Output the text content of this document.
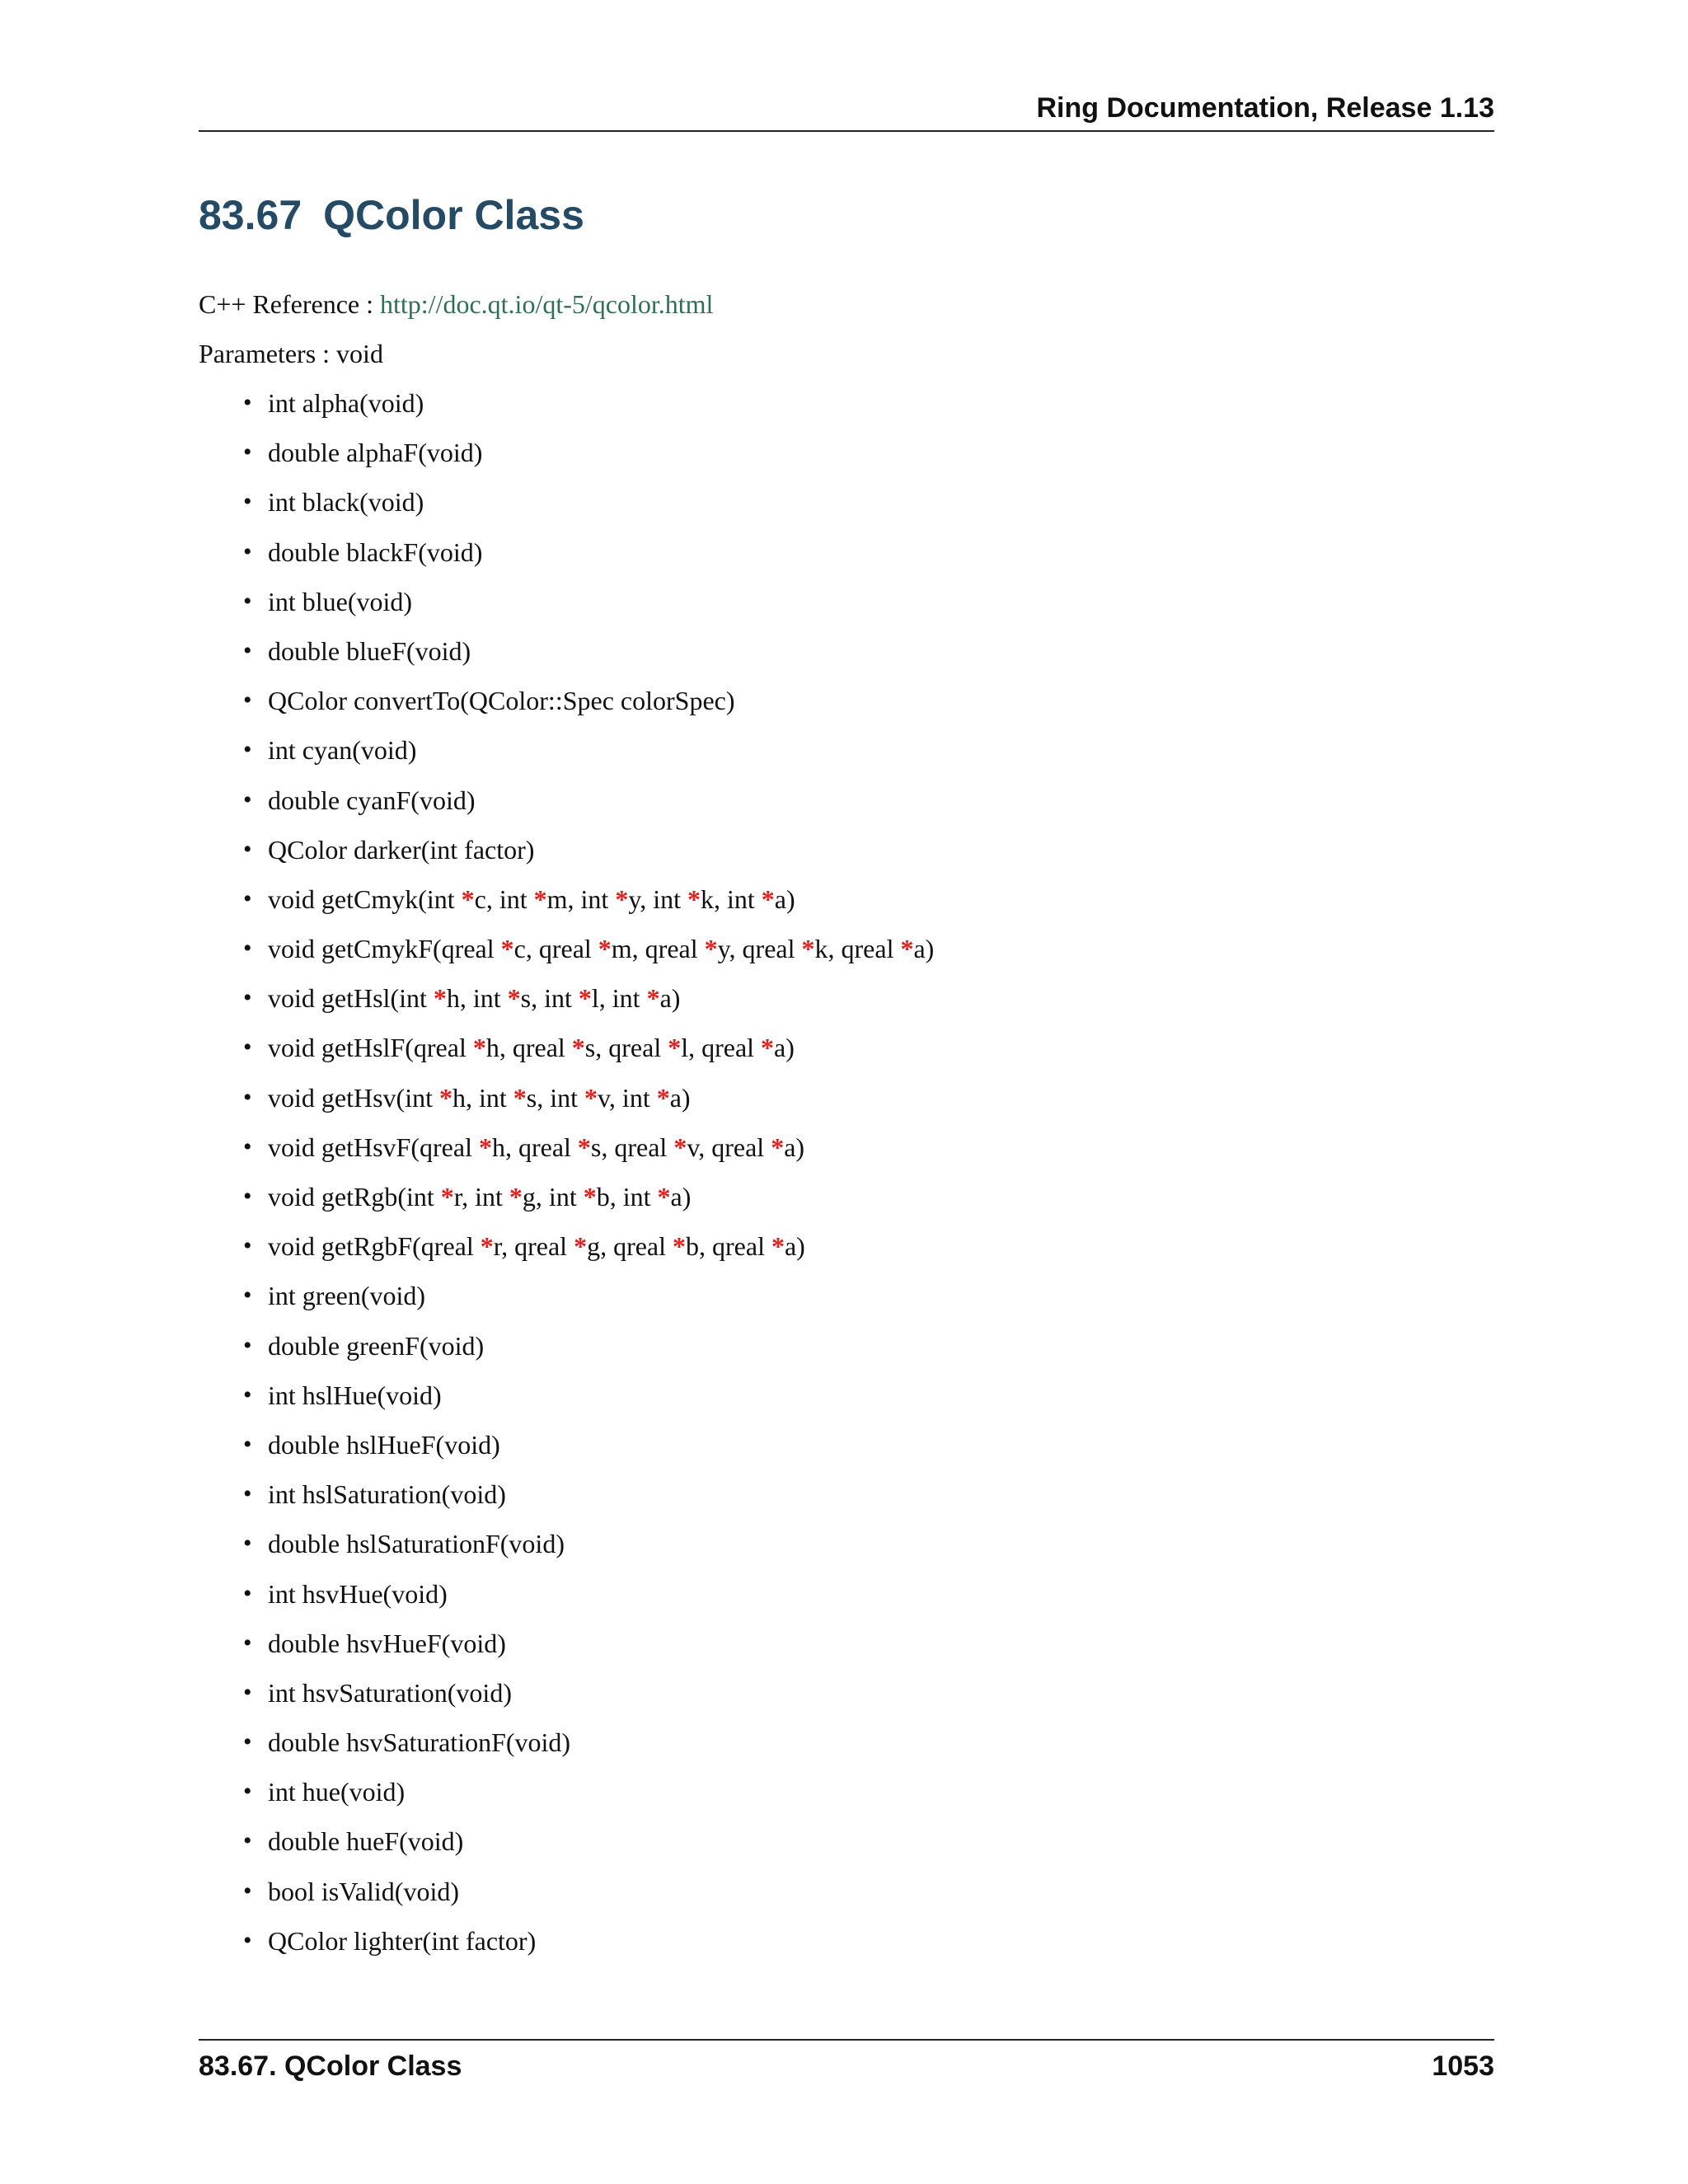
Ring Documentation, Release 1.13
83.67 QColor Class
C++ Reference : http://doc.qt.io/qt-5/qcolor.html
Parameters : void
• int alpha(void)
• double alphaF(void)
• int black(void)
• double blackF(void)
• int blue(void)
• double blueF(void)
• QColor convertTo(QColor::Spec colorSpec)
• int cyan(void)
• double cyanF(void)
• QColor darker(int factor)
• void getCmyk(int *c, int *m, int *y, int *k, int *a)
• void getCmykF(qreal *c, qreal *m, qreal *y, qreal *k, qreal *a)
• void getHsl(int *h, int *s, int *l, int *a)
• void getHslF(qreal *h, qreal *s, qreal *l, qreal *a)
• void getHsv(int *h, int *s, int *v, int *a)
• void getHsvF(qreal *h, qreal *s, qreal *v, qreal *a)
• void getRgb(int *r, int *g, int *b, int *a)
• void getRgbF(qreal *r, qreal *g, qreal *b, qreal *a)
• int green(void)
• double greenF(void)
• int hslHue(void)
• double hslHueF(void)
• int hslSaturation(void)
• double hslSaturationF(void)
• int hsvHue(void)
• double hsvHueF(void)
• int hsvSaturation(void)
• double hsvSaturationF(void)
• int hue(void)
• double hueF(void)
• bool isValid(void)
• QColor lighter(int factor)
83.67. QColor Class	1053
